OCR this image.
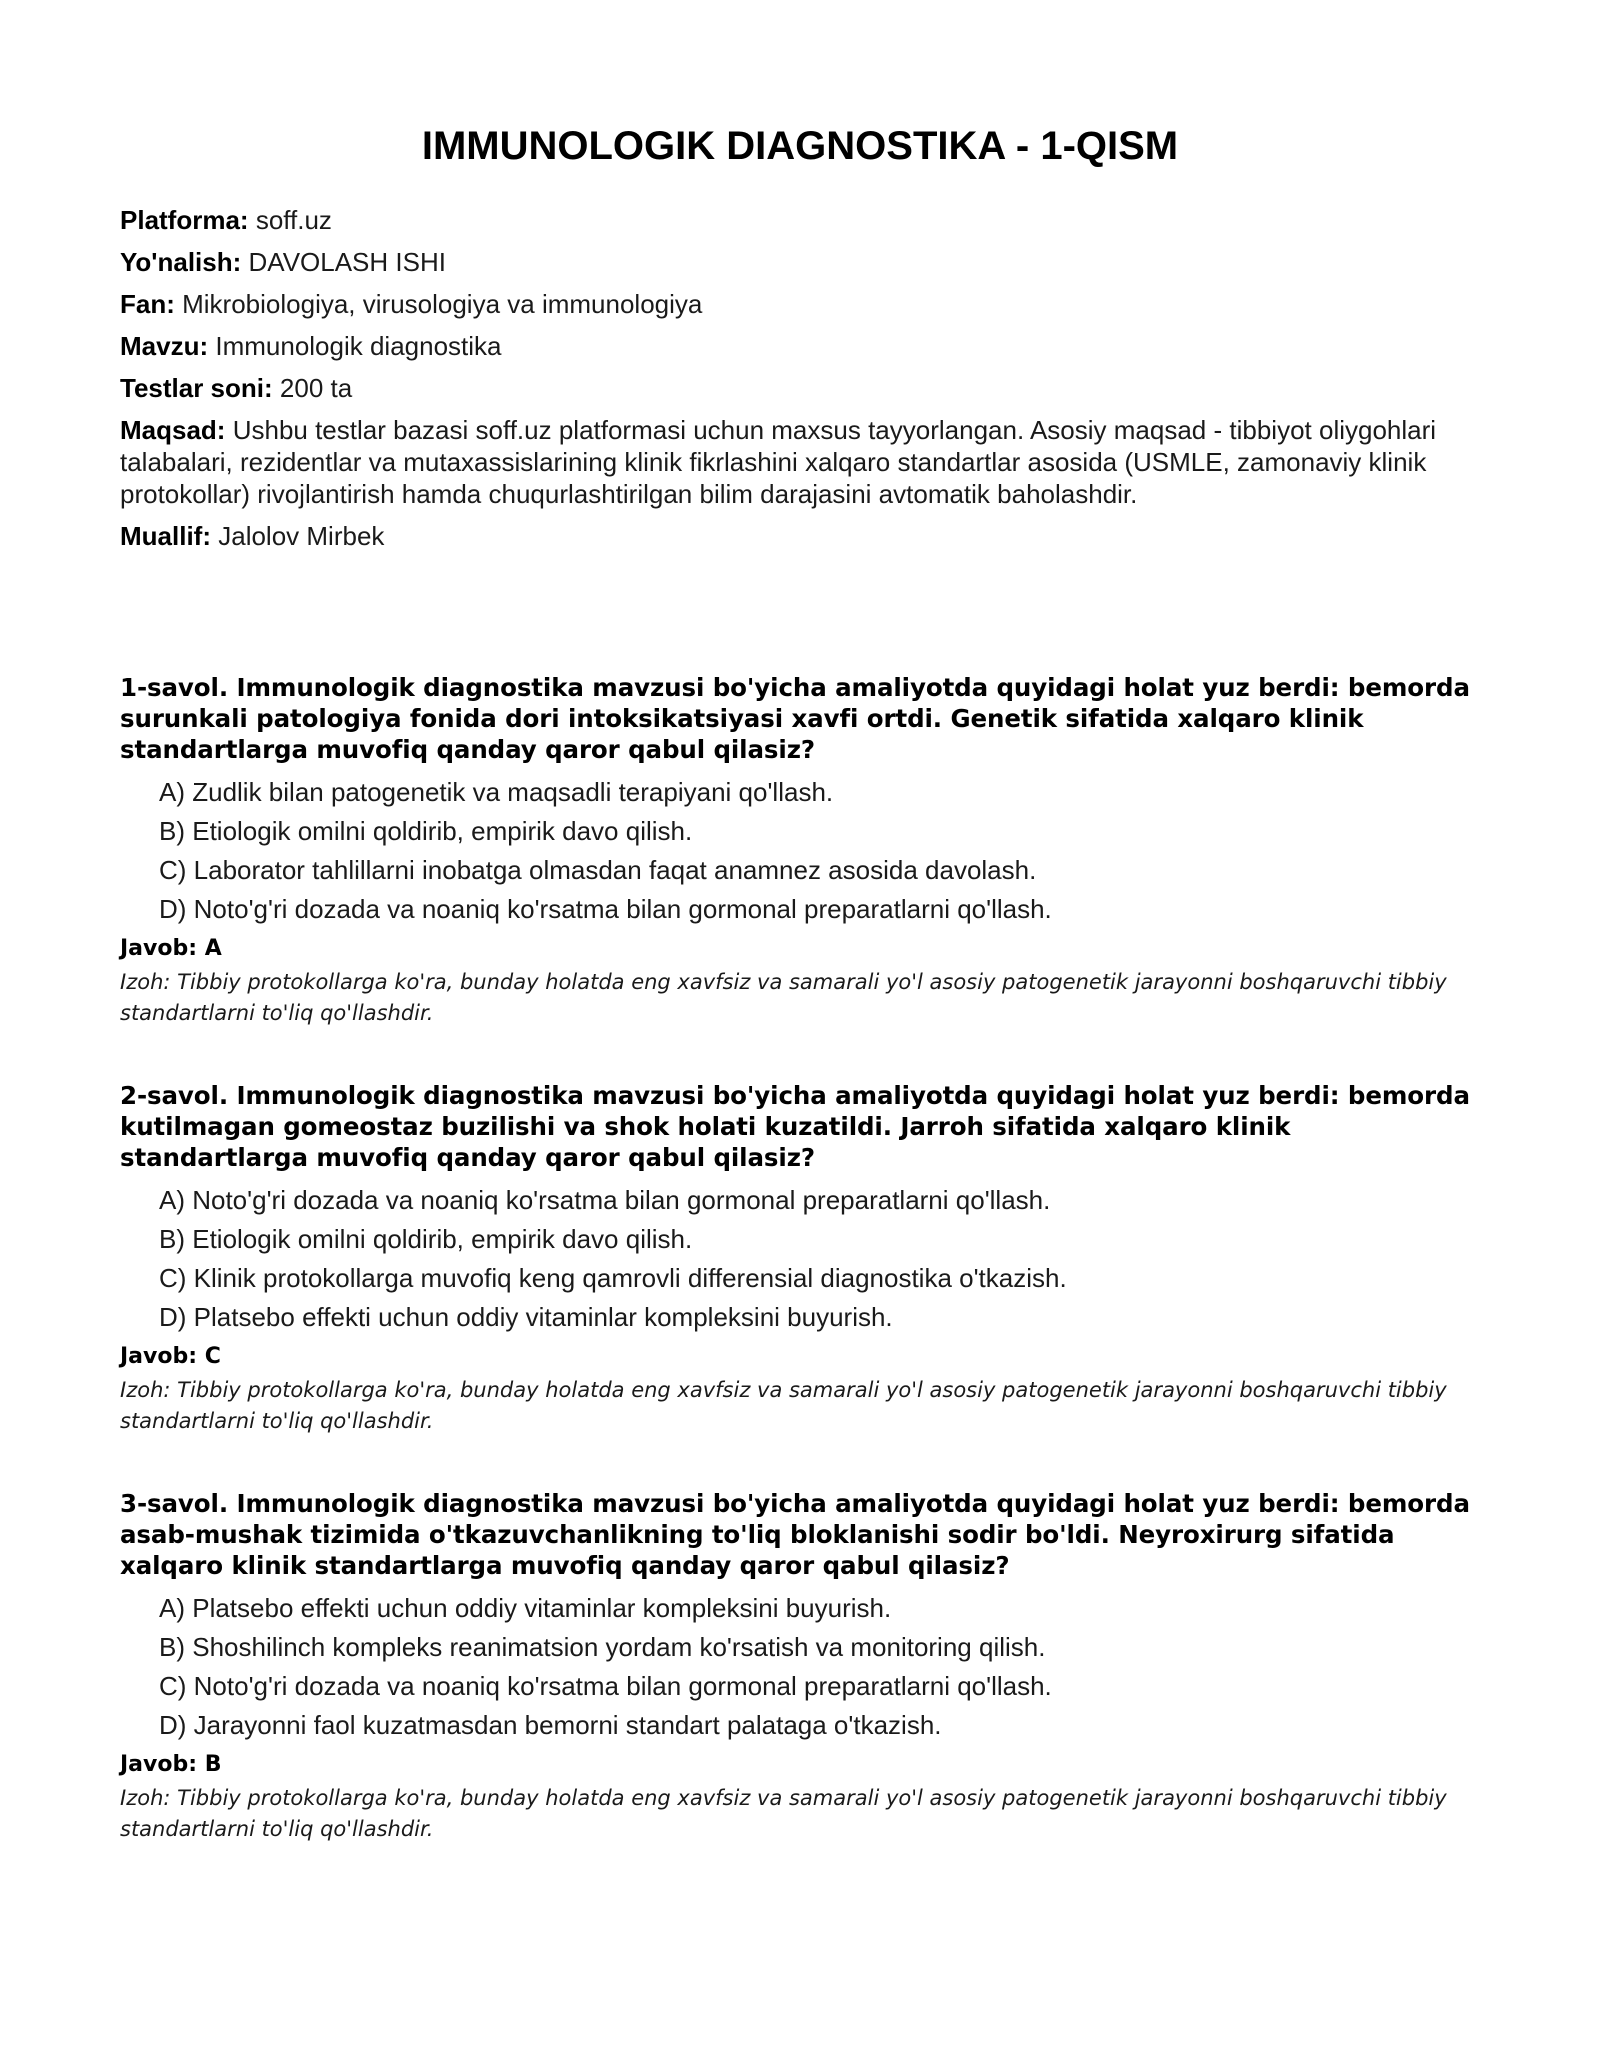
IMMUNOLOGIK DIAGNOSTIKA - 1-QISM

Platforma: soff.uz

Yo'nalish: DAVOLASH ISHI

Fan: Mikrobiologiya, virusologiya va immunologiya

Mavzu: Immunologik diagnostika

Testlar soni: 200 ta

Maqsad: Ushbu testlar bazasi soff.uz platformasi uchun maxsus tayyorlangan. Asosiy maqsad - tibbiyot oliygohlari talabalari, rezidentlar va mutaxassislarining klinik fikrlashini xalqaro standartlar asosida (USMLE, zamonaviy klinik protokollar) rivojlantirish hamda chuqurlashtirilgan bilim darajasini avtomatik baholashdir.

Muallif: Jalolov Mirbek

1-savol. Immunologik diagnostika mavzusi bo'yicha amaliyotda quyidagi holat yuz berdi: bemorda surunkali patologiya fonida dori intoksikatsiyasi xavfi ortdi. Genetik sifatida xalqaro klinik standartlarga muvofiq qanday qaror qabul qilasiz?

A) Zudlik bilan patogenetik va maqsadli terapiyani qo'llash.
B) Etiologik omilni qoldirib, empirik davo qilish.
C) Laborator tahlillarni inobatga olmasdan faqat anamnez asosida davolash.
D) Noto'g'ri dozada va noaniq ko'rsatma bilan gormonal preparatlarni qo'llash.

Javob: A

Izoh: Tibbiy protokollarga ko'ra, bunday holatda eng xavfsiz va samarali yo'l asosiy patogenetik jarayonni boshqaruvchi tibbiy standartlarni to'liq qo'llashdir.

2-savol. Immunologik diagnostika mavzusi bo'yicha amaliyotda quyidagi holat yuz berdi: bemorda kutilmagan gomeostaz buzilishi va shok holati kuzatildi. Jarroh sifatida xalqaro klinik standartlarga muvofiq qanday qaror qabul qilasiz?

A) Noto'g'ri dozada va noaniq ko'rsatma bilan gormonal preparatlarni qo'llash.
B) Etiologik omilni qoldirib, empirik davo qilish.
C) Klinik protokollarga muvofiq keng qamrovli differensial diagnostika o'tkazish.
D) Platsebo effekti uchun oddiy vitaminlar kompleksini buyurish.

Javob: C

Izoh: Tibbiy protokollarga ko'ra, bunday holatda eng xavfsiz va samarali yo'l asosiy patogenetik jarayonni boshqaruvchi tibbiy standartlarni to'liq qo'llashdir.

3-savol. Immunologik diagnostika mavzusi bo'yicha amaliyotda quyidagi holat yuz berdi: bemorda asab-mushak tizimida o'tkazuvchanlikning to'liq bloklanishi sodir bo'ldi. Neyroxirurg sifatida xalqaro klinik standartlarga muvofiq qanday qaror qabul qilasiz?

A) Platsebo effekti uchun oddiy vitaminlar kompleksini buyurish.
B) Shoshilinch kompleks reanimatsion yordam ko'rsatish va monitoring qilish.
C) Noto'g'ri dozada va noaniq ko'rsatma bilan gormonal preparatlarni qo'llash.
D) Jarayonni faol kuzatmasdan bemorni standart palataga o'tkazish.

Javob: B

Izoh: Tibbiy protokollarga ko'ra, bunday holatda eng xavfsiz va samarali yo'l asosiy patogenetik jarayonni boshqaruvchi tibbiy standartlarni to'liq qo'llashdir.
